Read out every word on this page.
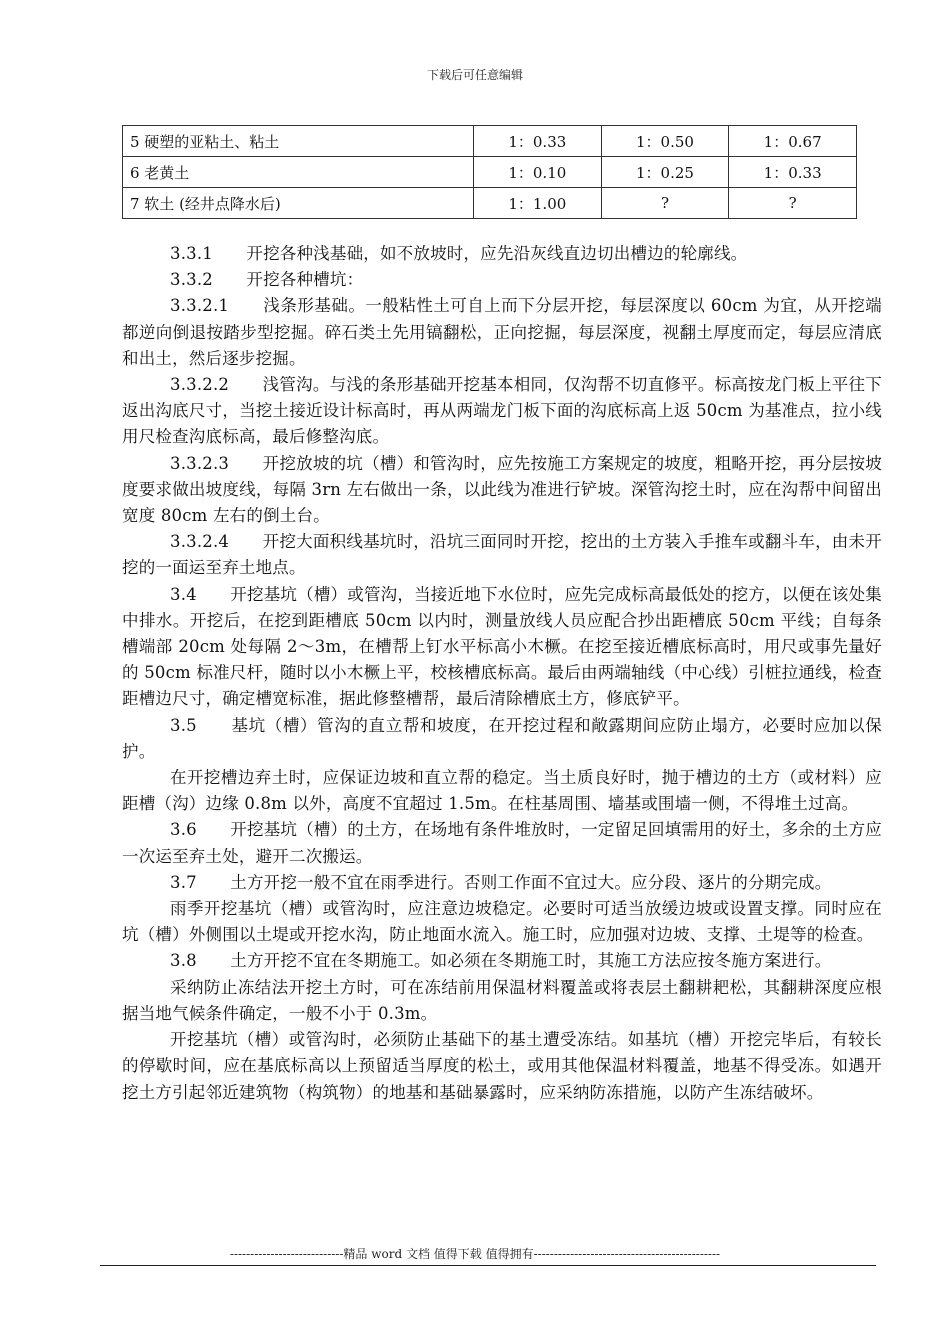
下载后可任意编辑
5 硬塑的亚粘土、粘土	1：0.33	1：0.50	1：0.67
6 老黄土	1：0.10	1：0.25	1：0.33
7 软土 (经井点降水后)	1：1.00	?	?

3.3.1　　开挖各种浅基础，如不放坡时，应先沿灰线直边切出槽边的轮廓线。

3.3.2　　开挖各种槽坑：

3.3.2.1　　浅条形基础。一般粘性土可自上而下分层开挖，每层深度以 60cm 为宜，从开挖端都逆向倒退按踏步型挖掘。碎石类土先用镐翻松，正向挖掘，每层深度，视翻土厚度而定，每层应清底和出土，然后逐步挖掘。

3.3.2.2　　浅管沟。与浅的条形基础开挖基本相同，仅沟帮不切直修平。标高按龙门板上平往下返出沟底尺寸，当挖土接近设计标高时，再从两端龙门板下面的沟底标高上返 50cm 为基准点，拉小线用尺检查沟底标高，最后修整沟底。

3.3.2.3　　开挖放坡的坑（槽）和管沟时，应先按施工方案规定的坡度，粗略开挖，再分层按坡度要求做出坡度线，每隔 3rn 左右做出一条，以此线为准进行铲坡。深管沟挖土时，应在沟帮中间留出宽度 80cm 左右的倒土台。

3.3.2.4　　开挖大面积线基坑时，沿坑三面同时开挖，挖出的土方装入手推车或翻斗车，由未开挖的一面运至弃土地点。

3.4　　开挖基坑（槽）或管沟，当接近地下水位时，应先完成标高最低处的挖方，以便在该处集中排水。开挖后，在挖到距槽底 50cm 以内时，测量放线人员应配合抄出距槽底 50cm 平线；自每条槽端部 20cm 处每隔 2～3m，在槽帮上钉水平标高小木橛。在挖至接近槽底标高时，用尺或事先量好的 50cm 标准尺杆，随时以小木橛上平，校核槽底标高。最后由两端轴线（中心线）引桩拉通线，检查距槽边尺寸，确定槽宽标准，据此修整槽帮，最后清除槽底土方，修底铲平。

3.5　　基坑（槽）管沟的直立帮和坡度，在开挖过程和敞露期间应防止塌方，必要时应加以保护。

在开挖槽边弃土时，应保证边坡和直立帮的稳定。当土质良好时，抛于槽边的土方（或材料）应距槽（沟）边缘 0.8m 以外，高度不宜超过 1.5m。在柱基周围、墙基或围墙一侧，不得堆土过高。

3.6　　开挖基坑（槽）的土方，在场地有条件堆放时，一定留足回填需用的好土，多余的土方应一次运至弃土处，避开二次搬运。

3.7　　土方开挖一般不宜在雨季进行。否则工作面不宜过大。应分段、逐片的分期完成。

雨季开挖基坑（槽）或管沟时，应注意边坡稳定。必要时可适当放缓边坡或设置支撑。同时应在坑（槽）外侧围以土堤或开挖水沟，防止地面水流入。施工时，应加强对边坡、支撑、土堤等的检查。

3.8　　土方开挖不宜在冬期施工。如必须在冬期施工时，其施工方法应按冬施方案进行。

采纳防止冻结法开挖土方时，可在冻结前用保温材料覆盖或将表层土翻耕耙松，其翻耕深度应根据当地气候条件确定，一般不小于 0.3m。

开挖基坑（槽）或管沟时，必须防止基础下的基土遭受冻结。如基坑（槽）开挖完毕后，有较长的停歇时间，应在基底标高以上预留适当厚度的松土，或用其他保温材料覆盖，地基不得受冻。如遇开挖土方引起邻近建筑物（构筑物）的地基和基础暴露时，应采纳防冻措施，以防产生冻结破坏。

----------------------------精品 word 文档 值得下载 值得拥有----------------------------------------------
